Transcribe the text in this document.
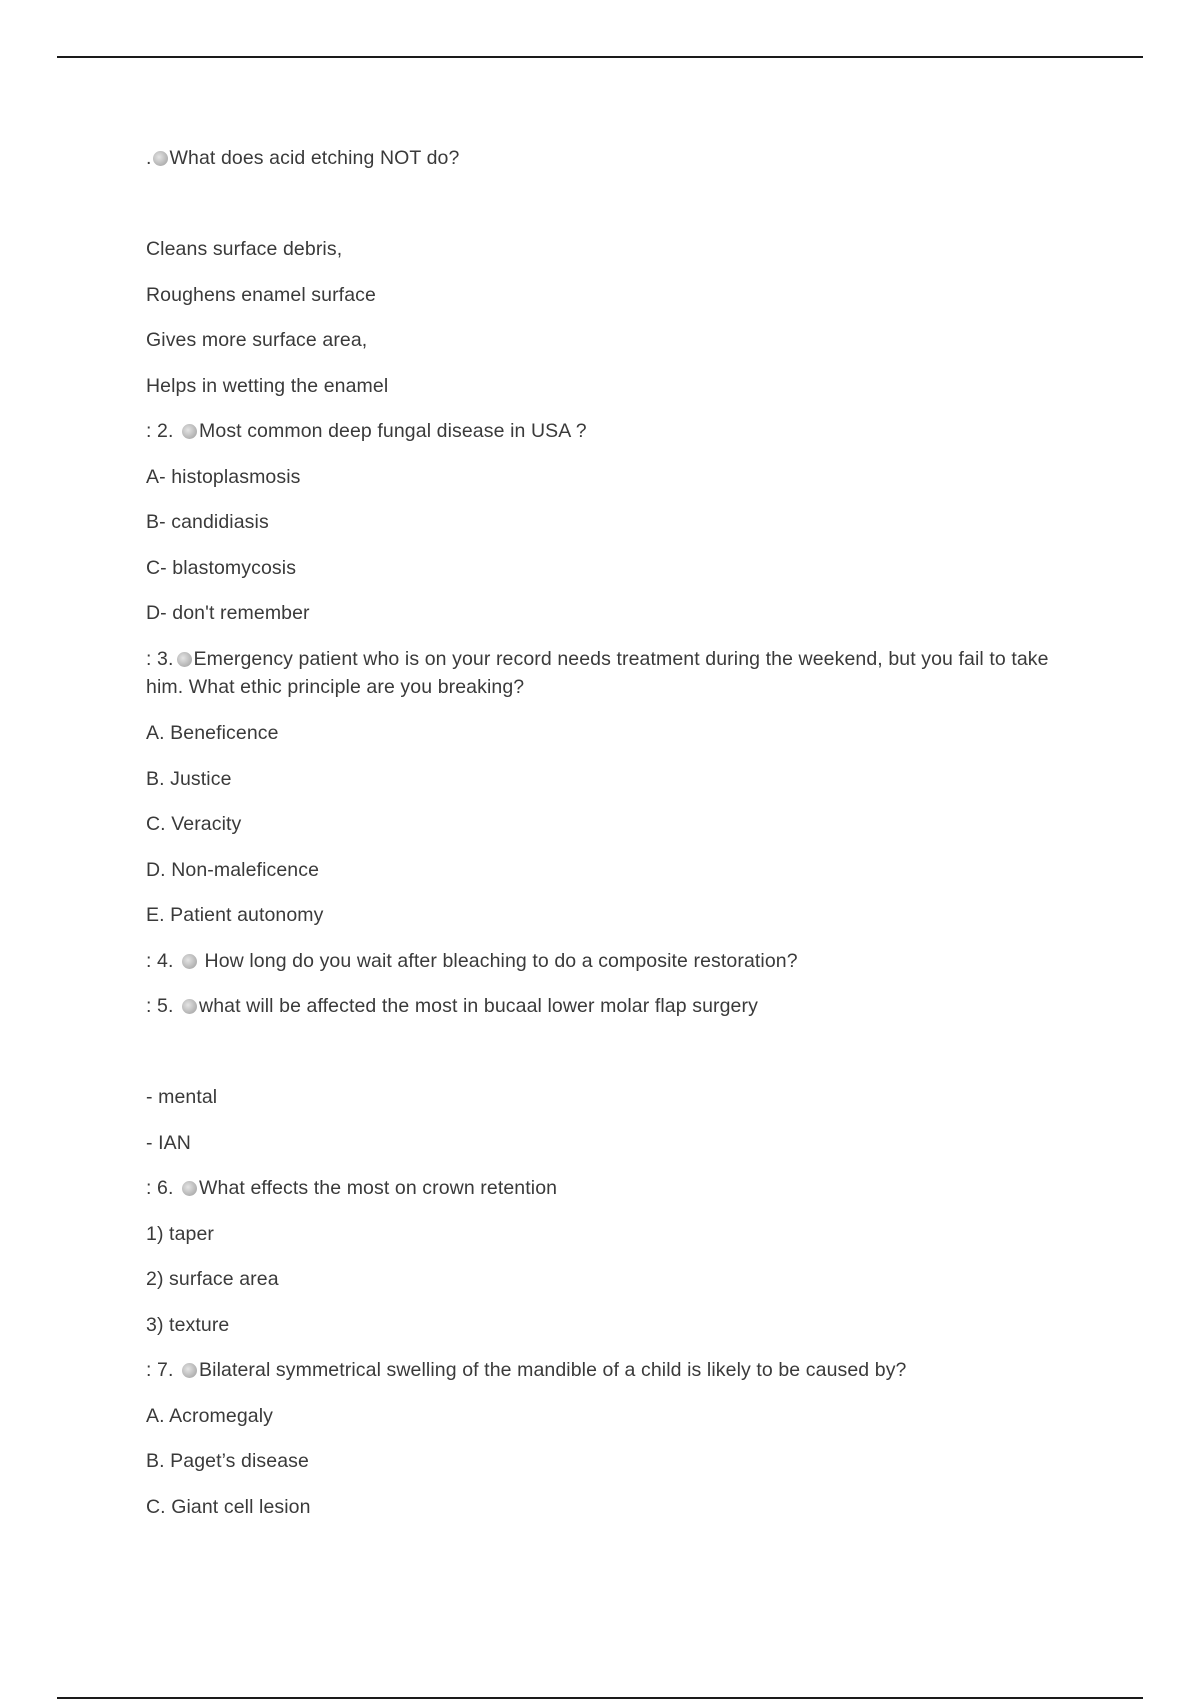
. What does acid etching NOT do?
Cleans surface debris,
Roughens enamel surface
Gives more surface area,
Helps in wetting the enamel
: 2. Most common deep fungal disease in USA ?
A- histoplasmosis
B- candidiasis
C- blastomycosis
D- don't remember
: 3. Emergency patient who is on your record needs treatment during the weekend, but you fail to take him. What ethic principle are you breaking?
A. Beneficence
B. Justice
C. Veracity
D. Non-maleficence
E. Patient autonomy
: 4.  How long do you wait after bleaching to do a composite restoration?
: 5. what will be affected the most in bucaal lower molar flap surgery
- mental
- IAN
: 6. What effects the most on crown retention
1) taper
2) surface area
3) texture
: 7. Bilateral symmetrical swelling of the mandible of a child is likely to be caused by?
A. Acromegaly
B. Paget’s disease
C. Giant cell lesion
